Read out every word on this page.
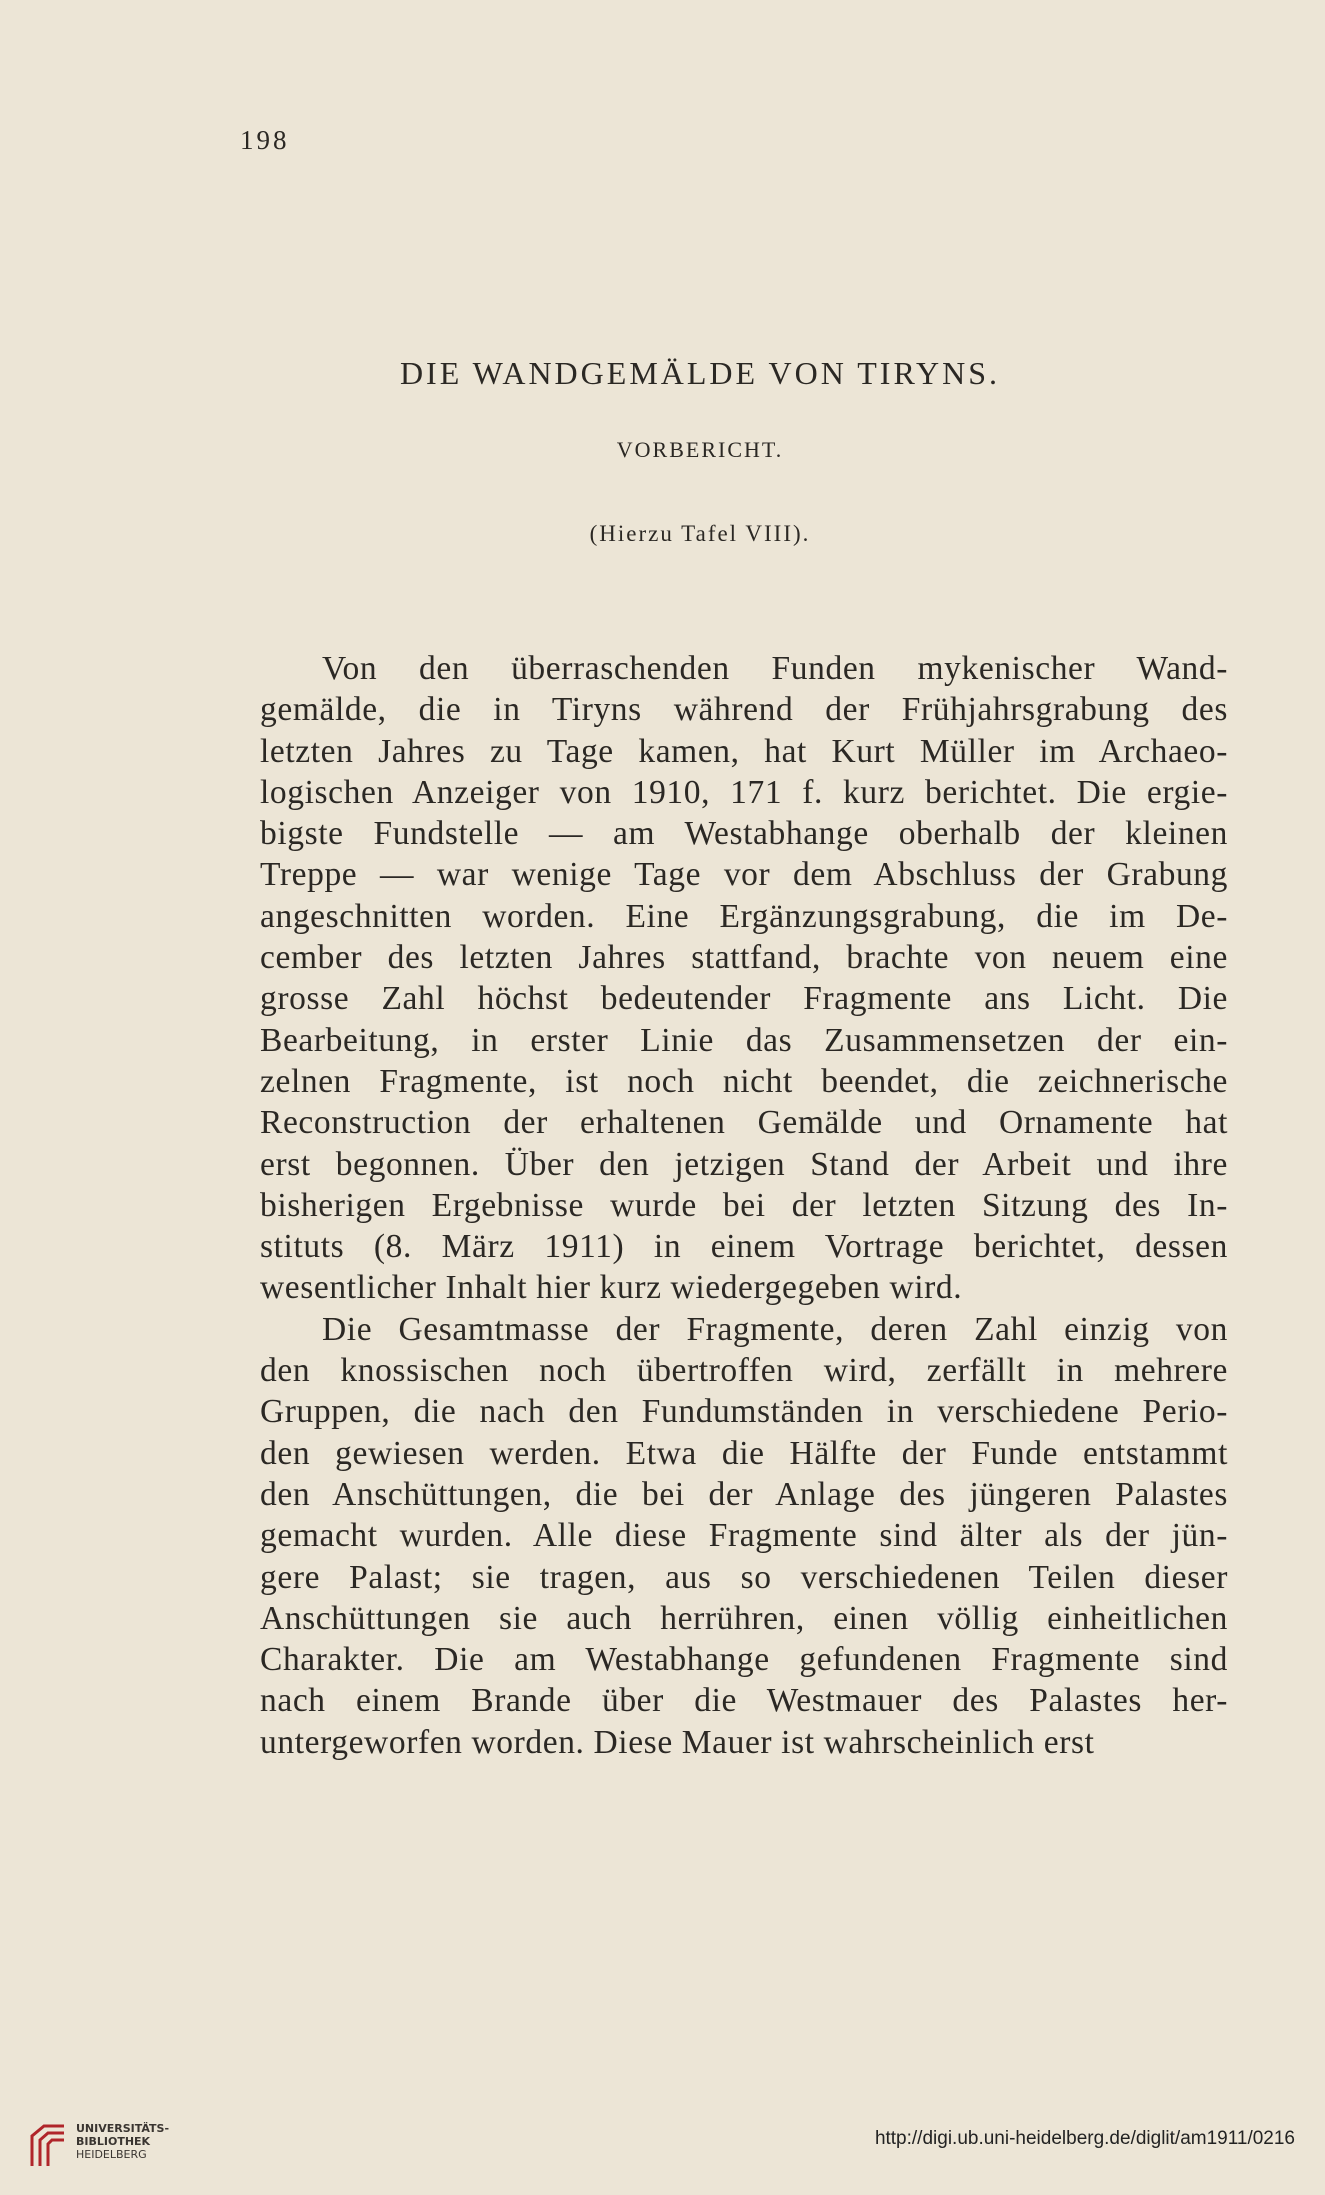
198
DIE WANDGEMÄLDE VON TIRYNS.
VORBERICHT.
(Hierzu Tafel VIII).
Von den überraschenden Funden mykenischer Wand-
gemälde, die in Tiryns während der Frühjahrsgrabung des
letzten Jahres zu Tage kamen, hat Kurt Müller im Archaeo-
logischen Anzeiger von 1910, 171 f. kurz berichtet. Die ergie-
bigste Fundstelle — am Westabhange oberhalb der kleinen
Treppe — war wenige Tage vor dem Abschluss der Grabung
angeschnitten worden. Eine Ergänzungsgrabung, die im De-
cember des letzten Jahres stattfand, brachte von neuem eine
grosse Zahl höchst bedeutender Fragmente ans Licht. Die
Bearbeitung, in erster Linie das Zusammensetzen der ein-
zelnen Fragmente, ist noch nicht beendet, die zeichnerische
Reconstruction der erhaltenen Gemälde und Ornamente hat
erst begonnen. Über den jetzigen Stand der Arbeit und ihre
bisherigen Ergebnisse wurde bei der letzten Sitzung des In-
stituts (8. März 1911) in einem Vortrage berichtet, dessen
wesentlicher Inhalt hier kurz wiedergegeben wird.
Die Gesamtmasse der Fragmente, deren Zahl einzig von
den knossischen noch übertroffen wird, zerfällt in mehrere
Gruppen, die nach den Fundumständen in verschiedene Perio-
den gewiesen werden. Etwa die Hälfte der Funde entstammt
den Anschüttungen, die bei der Anlage des jüngeren Palastes
gemacht wurden. Alle diese Fragmente sind älter als der jün-
gere Palast; sie tragen, aus so verschiedenen Teilen dieser
Anschüttungen sie auch herrühren, einen völlig einheitlichen
Charakter. Die am Westabhange gefundenen Fragmente sind
nach einem Brande über die Westmauer des Palastes her-
untergeworfen worden. Diese Mauer ist wahrscheinlich erst
UNIVERSITÄTS-
BIBLIOTHEK
HEIDELBERG
http://digi.ub.uni-heidelberg.de/diglit/am1911/0216
